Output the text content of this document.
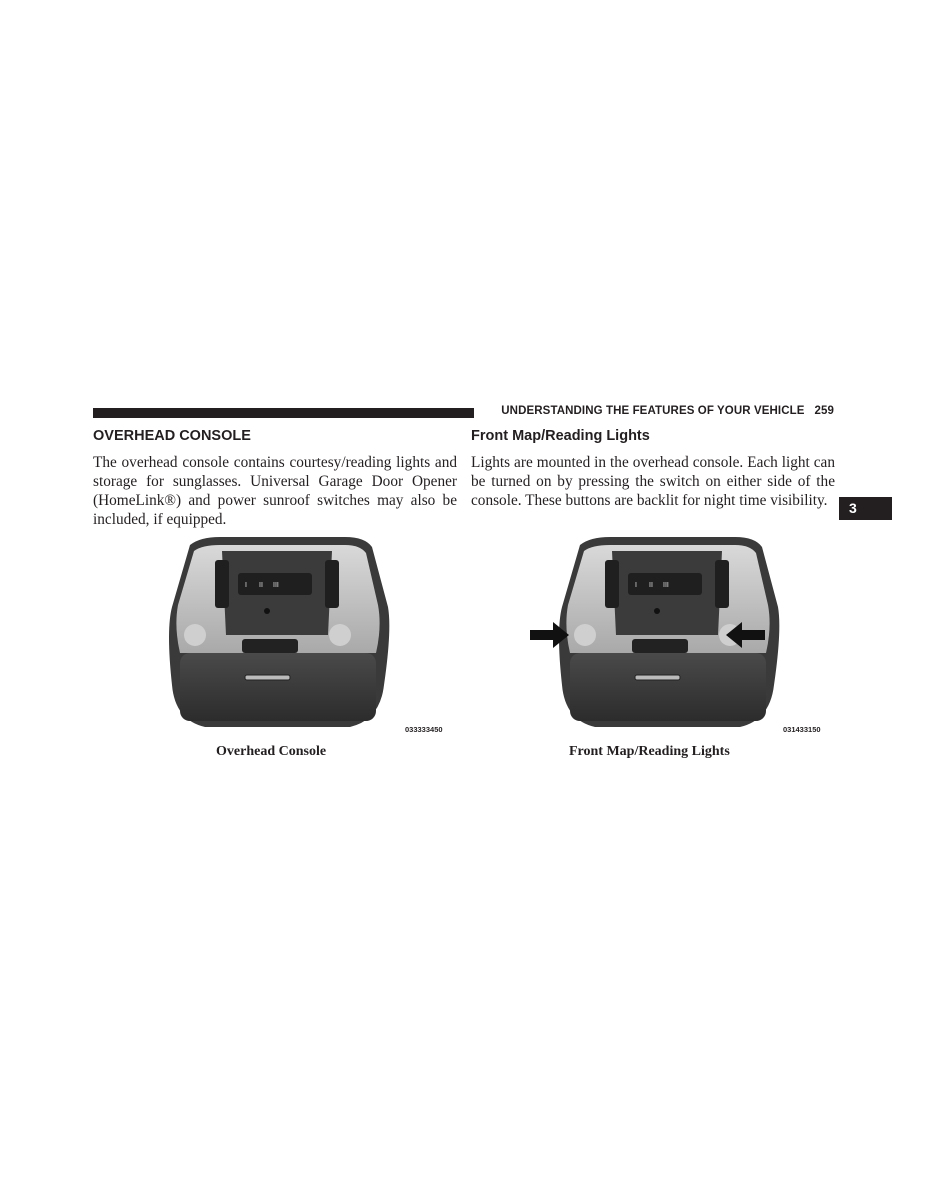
UNDERSTANDING THE FEATURES OF YOUR VEHICLE 259
3
OVERHEAD CONSOLE

The overhead console contains courtesy/reading lights and storage for sunglasses. Universal Garage Door Opener (HomeLink®) and power sunroof switches may also be included, if equipped.

Front Map/Reading Lights

Lights are mounted in the overhead console. Each light can be turned on by pressing the switch on either side of the console. These buttons are backlit for night time visibility.

I II III
033333450
Overhead Console
I II III
031433150
Front Map/Reading Lights
